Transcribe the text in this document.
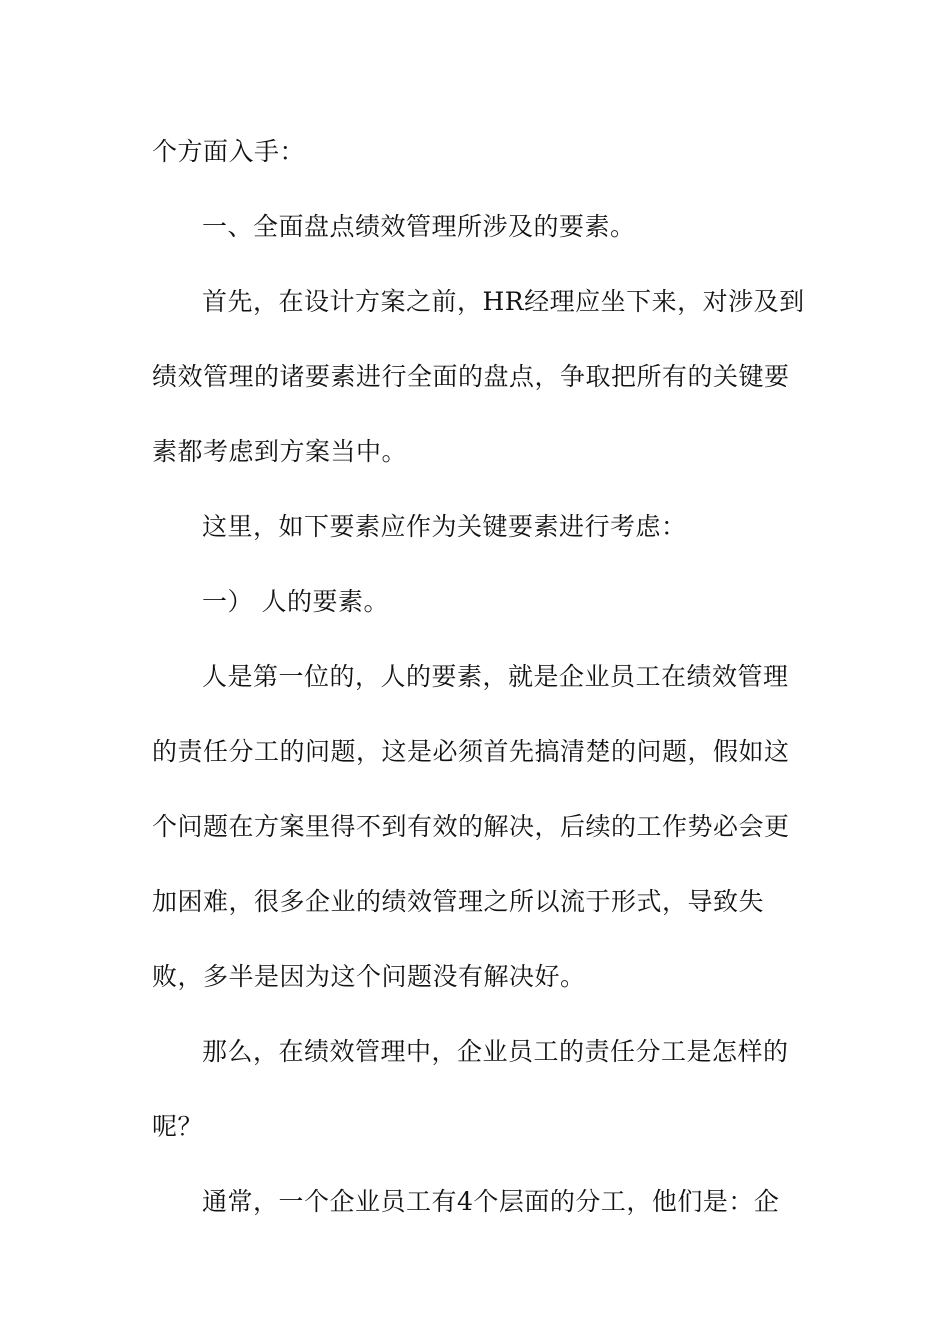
个方面入手：
一、全面盘点绩效管理所涉及的要素。
首先，在设计方案之前，HR经理应坐下来，对涉及到
绩效管理的诸要素进行全面的盘点，争取把所有的关键要
素都考虑到方案当中。
这里，如下要素应作为关键要素进行考虑：
一） 人的要素。
人是第一位的，人的要素，就是企业员工在绩效管理
的责任分工的问题，这是必须首先搞清楚的问题，假如这
个问题在方案里得不到有效的解决，后续的工作势必会更
加困难，很多企业的绩效管理之所以流于形式，导致失
败，多半是因为这个问题没有解决好。
那么，在绩效管理中，企业员工的责任分工是怎样的
呢？
通常，一个企业员工有4个层面的分工，他们是：企
